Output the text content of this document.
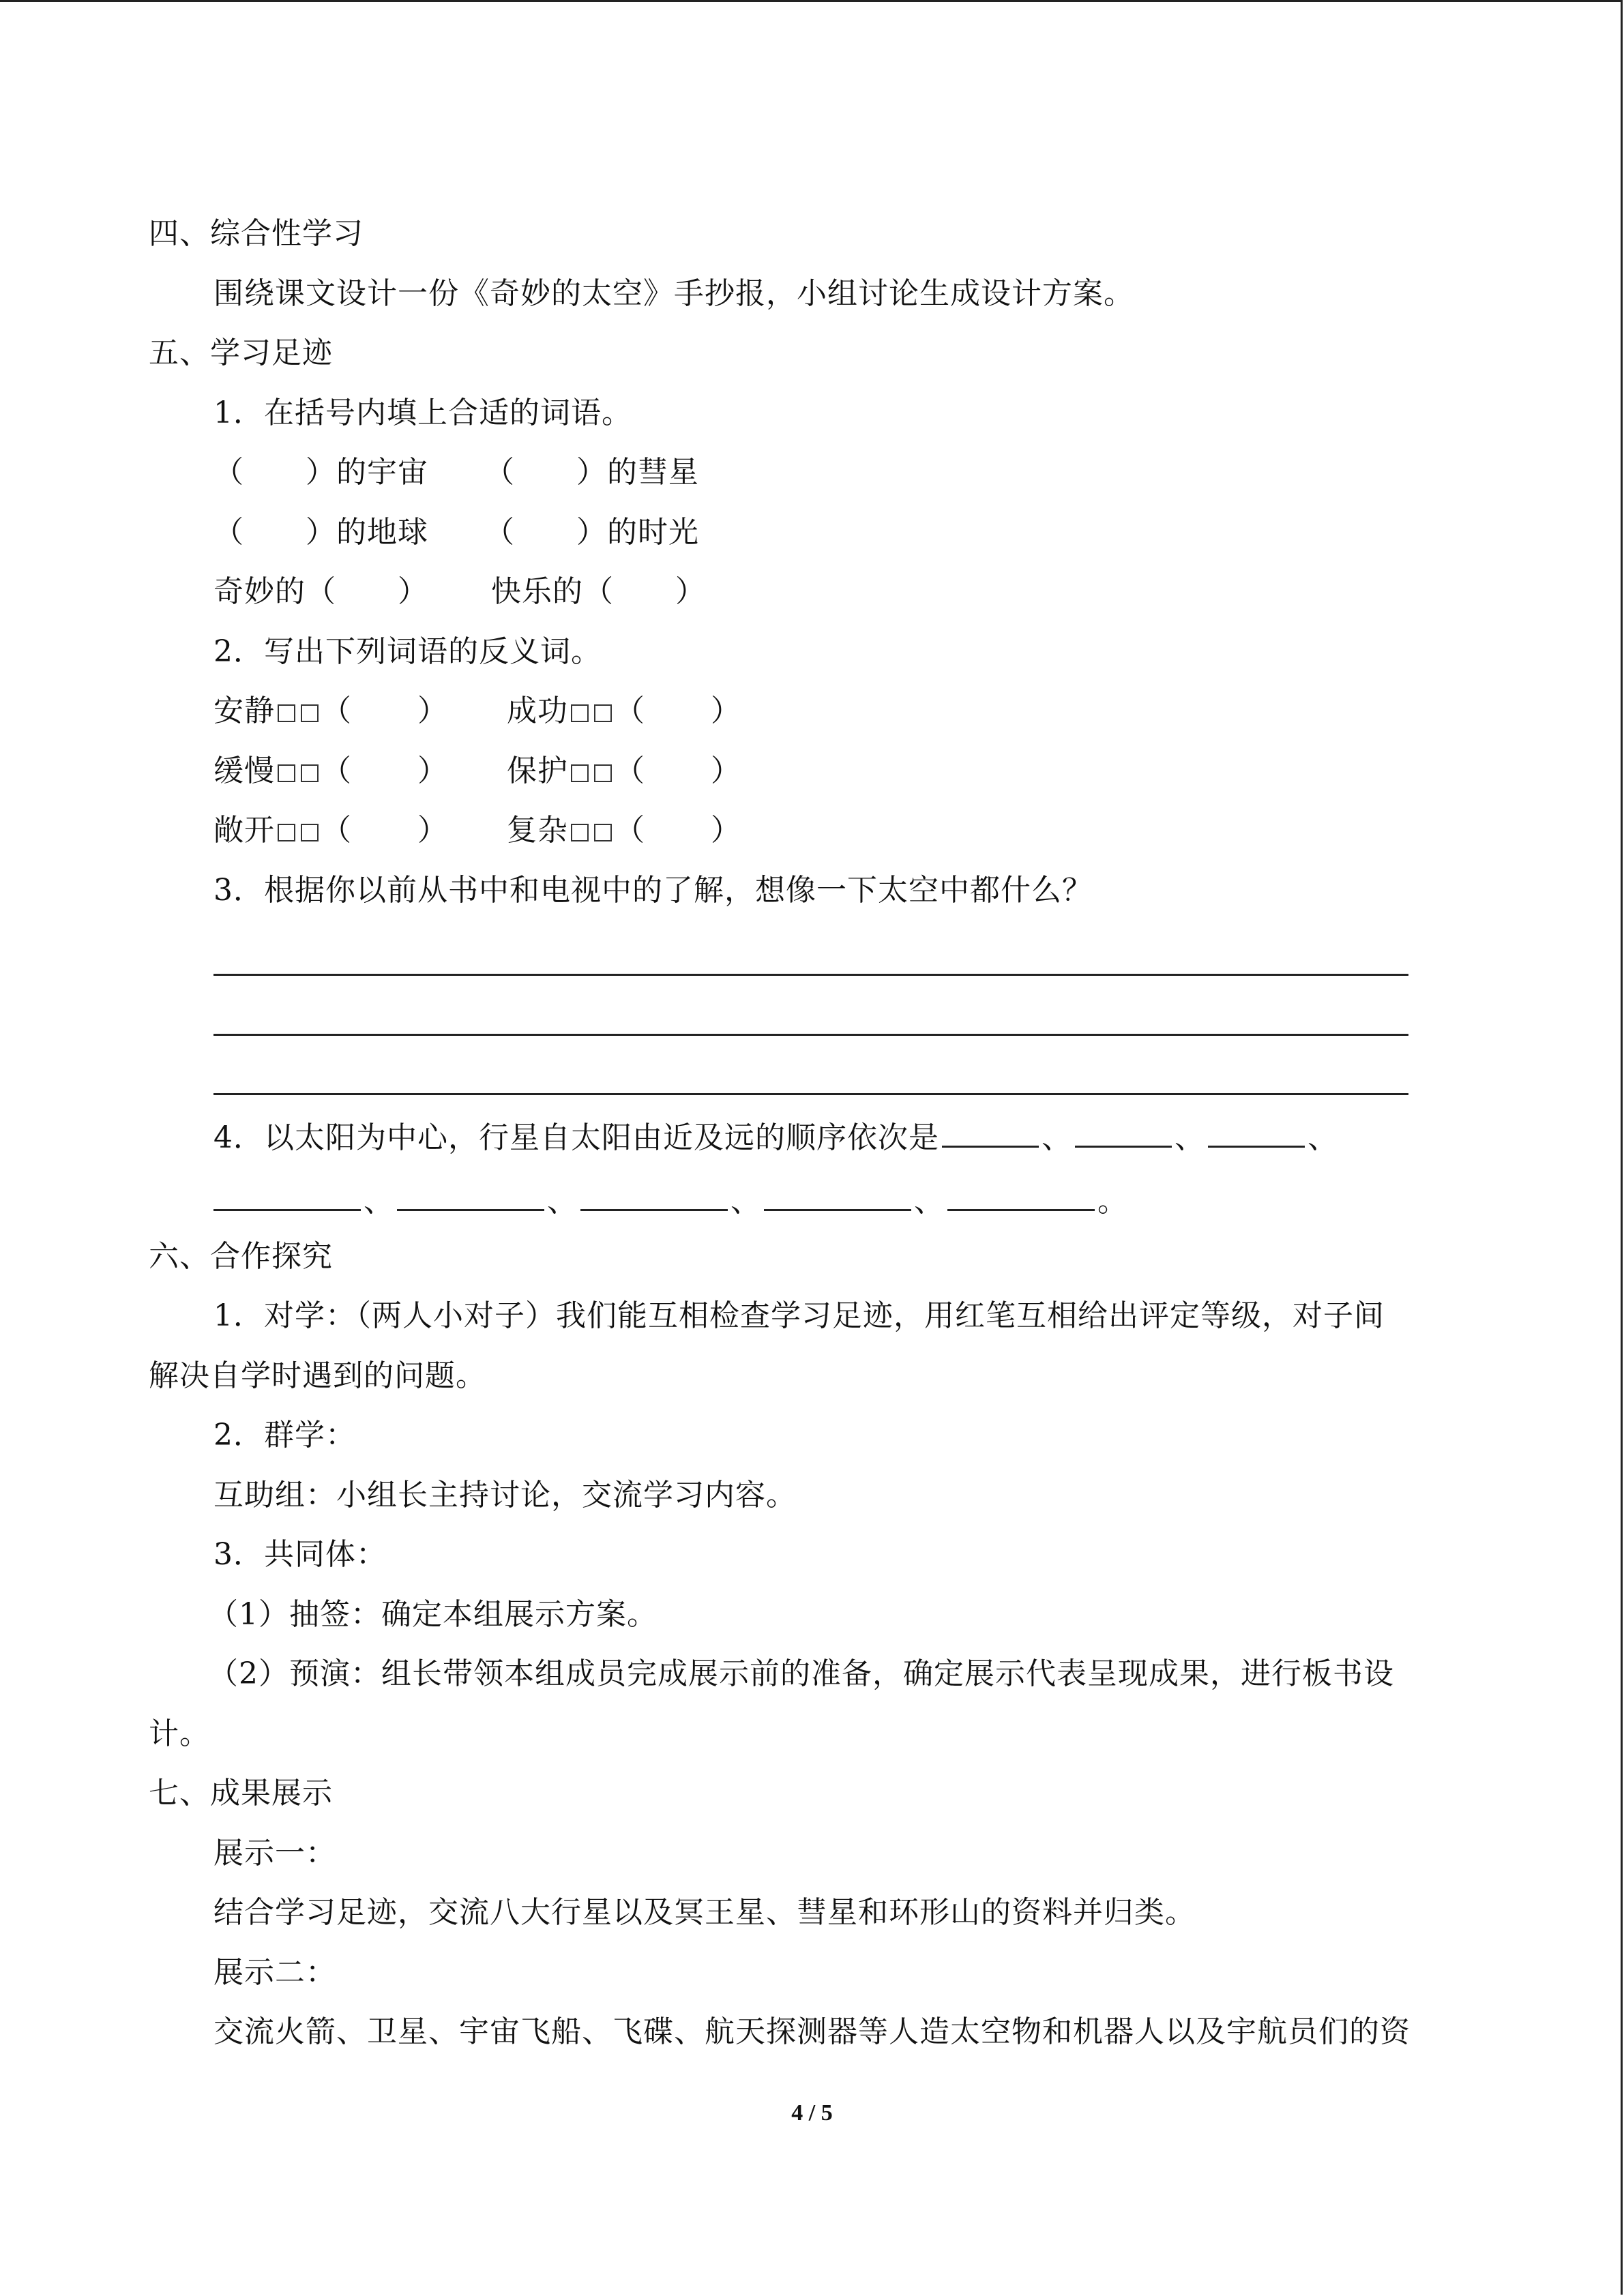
四、综合性学习
围绕课文设计一份《奇妙的太空》手抄报，小组讨论生成设计方案。
五、学习足迹
1．在括号内填上合适的词语。
（　　）的宇宙 （　　）的彗星
（　　）的地球 （　　）的时光
奇妙的（　　） 快乐的（　　）
2．写出下列词语的反义词。
安静 （ ） 成功 （ ）
缓慢 （ ） 保护 （ ）
敞开 （ ） 复杂 （ ）
3．根据你以前从书中和电视中的了解，想像一下太空中都什么？
4．以太阳为中心，行星自太阳由近及远的顺序依次是	、	、	、
、	、	、	、	。
六、合作探究
1．对学：（两人小对子）我们能互相检查学习足迹，用红笔互相给出评定等级，对子间
解决自学时遇到的问题。
2．群学：
互助组：小组长主持讨论，交流学习内容。
3．共同体：
（1）抽签：确定本组展示方案。
（2）预演：组长带领本组成员完成展示前的准备，确定展示代表呈现成果，进行板书设
计。
七、成果展示
展示一：
结合学习足迹，交流八大行星以及冥王星、彗星和环形山的资料并归类。
展示二：
交流火箭、卫星、宇宙飞船、飞碟、航天探测器等人造太空物和机器人以及宇航员们的资
4 / 5
